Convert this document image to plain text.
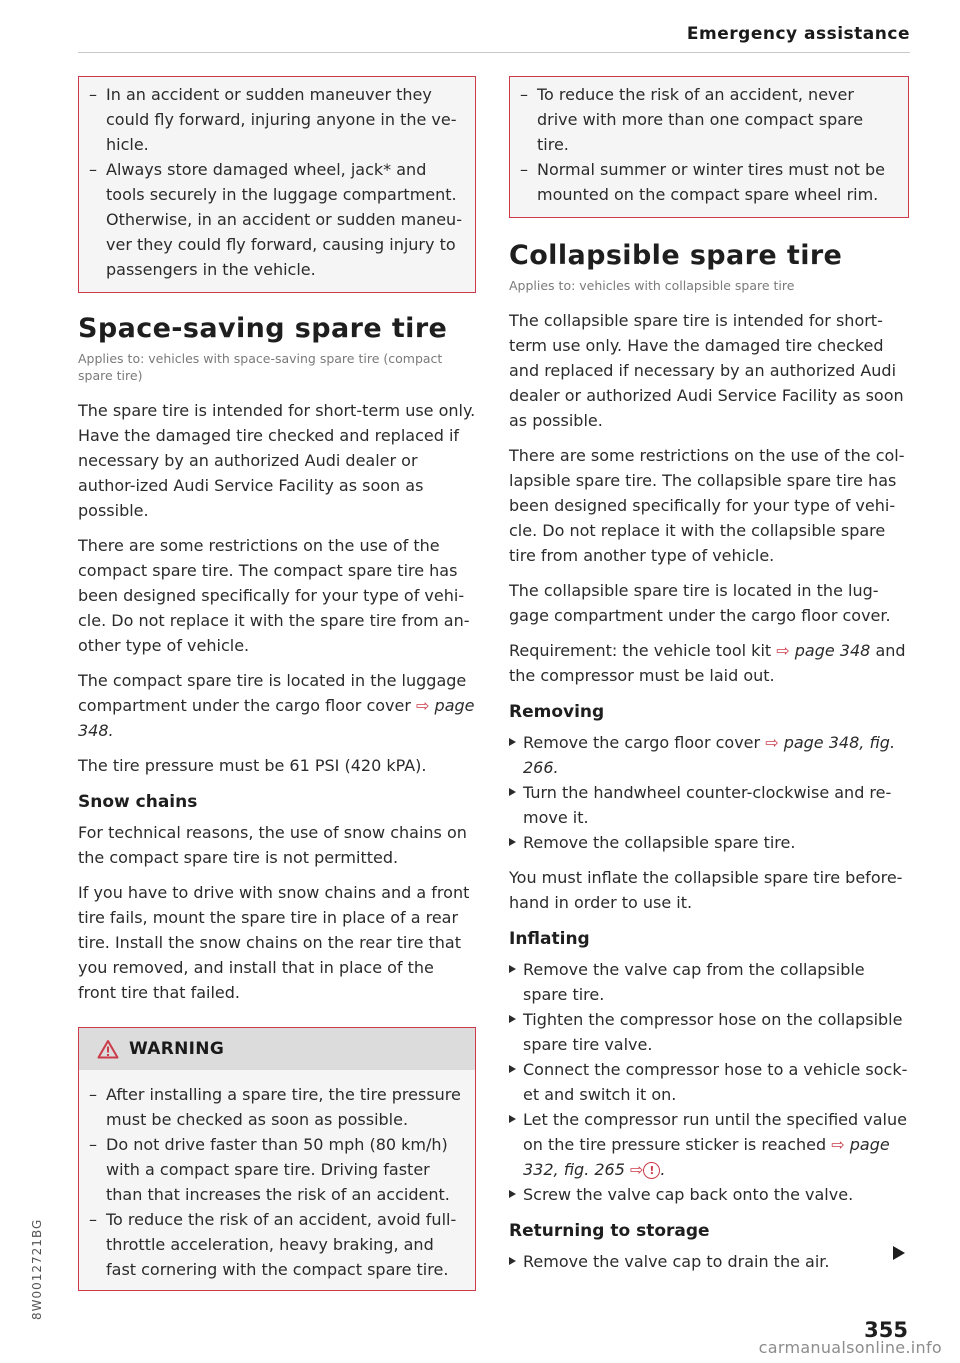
Emergency assistance
– In an accident or sudden maneuver they could fly forward, injuring anyone in the ve-hicle.
– Always store damaged wheel, jack* and tools securely in the luggage compartment. Otherwise, in an accident or sudden maneu-ver they could fly forward, causing injury to passengers in the vehicle.
Space-saving spare tire
Applies to: vehicles with space-saving spare tire (compact spare tire)

The spare tire is intended for short-term use only. Have the damaged tire checked and replaced if necessary by an authorized Audi dealer or author-ized Audi Service Facility as soon as possible.

There are some restrictions on the use of the compact spare tire. The compact spare tire has been designed specifically for your type of vehi-cle. Do not replace it with the spare tire from an-other type of vehicle.

The compact spare tire is located in the luggage compartment under the cargo floor cover ⇨ page 348.

The tire pressure must be 61 PSI (420 kPA).

Snow chains

For technical reasons, the use of snow chains on the compact spare tire is not permitted.

If you have to drive with snow chains and a front tire fails, mount the spare tire in place of a rear tire. Install the snow chains on the rear tire that you removed, and install that in place of the front tire that failed.

WARNING
– After installing a spare tire, the tire pressure must be checked as soon as possible.
– Do not drive faster than 50 mph (80 km/h) with a compact spare tire. Driving faster than that increases the risk of an accident.
– To reduce the risk of an accident, avoid full-throttle acceleration, heavy braking, and fast cornering with the compact spare tire.
– To reduce the risk of an accident, never drive with more than one compact spare tire.
– Normal summer or winter tires must not be mounted on the compact spare wheel rim.
Collapsible spare tire
Applies to: vehicles with collapsible spare tire

The collapsible spare tire is intended for short-term use only. Have the damaged tire checked and replaced if necessary by an authorized Audi dealer or authorized Audi Service Facility as soon as possible.

There are some restrictions on the use of the col-lapsible spare tire. The collapsible spare tire has been designed specifically for your type of vehi-cle. Do not replace it with the collapsible spare tire from another type of vehicle.

The collapsible spare tire is located in the lug-gage compartment under the cargo floor cover.

Requirement: the vehicle tool kit ⇨ page 348 and the compressor must be laid out.

Removing
Remove the cargo floor cover ⇨ page 348, fig. 266.
Turn the handwheel counter-clockwise and re-move it.
Remove the collapsible spare tire.

You must inflate the collapsible spare tire before-hand in order to use it.

Inflating
Remove the valve cap from the collapsible spare tire.
Tighten the compressor hose on the collapsible spare tire valve.
Connect the compressor hose to a vehicle sock-et and switch it on.
Let the compressor run until the specified value on the tire pressure sticker is reached ⇨ page 332, fig. 265 ⇨ ! .
Screw the valve cap back onto the valve.
Returning to storage
Remove the valve cap to drain the air.
355
8W0012721BG
carmanualsonline.info
